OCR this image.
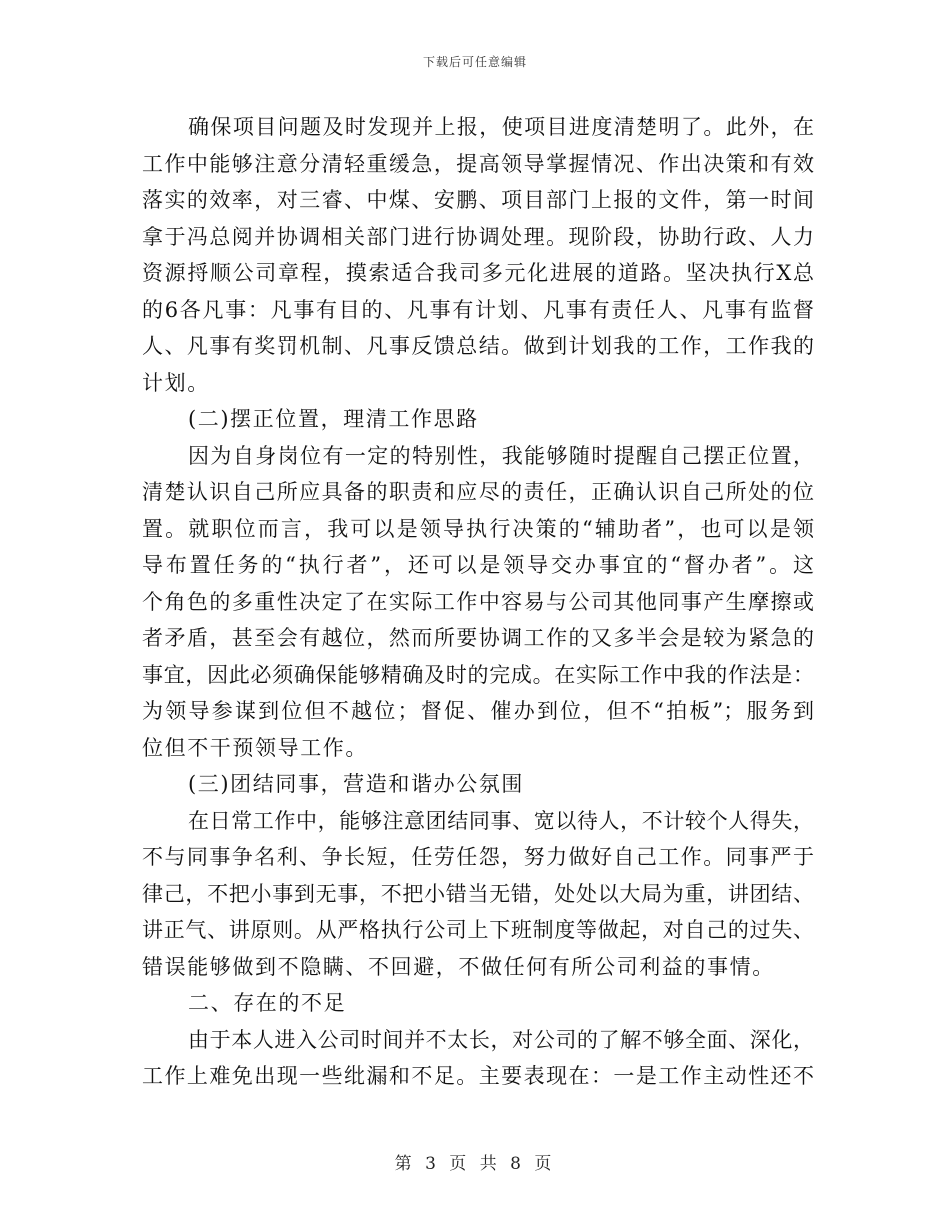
下载后可任意编辑
确保项目问题及时发现并上报，使项目进度清楚明了。此外，在
工作中能够注意分清轻重缓急，提高领导掌握情况、作出决策和有效
落实的效率，对三睿、中煤、安鹏、项目部门上报的文件，第一时间
拿于冯总阅并协调相关部门进行协调处理。现阶段，协助行政、人力
资源捋顺公司章程，摸索适合我司多元化进展的道路。坚决执行X总
的6各凡事：凡事有目的、凡事有计划、凡事有责任人、凡事有监督
人、凡事有奖罚机制、凡事反馈总结。做到计划我的工作，工作我的
计划。
(二)摆正位置，理清工作思路
因为自身岗位有一定的特别性，我能够随时提醒自己摆正位置，
清楚认识自己所应具备的职责和应尽的责任，正确认识自己所处的位
置。就职位而言，我可以是领导执行决策的“辅助者”，也可以是领
导布置任务的“执行者”，还可以是领导交办事宜的“督办者”。这
个角色的多重性决定了在实际工作中容易与公司其他同事产生摩擦或
者矛盾，甚至会有越位，然而所要协调工作的又多半会是较为紧急的
事宜，因此必须确保能够精确及时的完成。在实际工作中我的作法是：
为领导参谋到位但不越位；督促、催办到位，但不“拍板”；服务到
位但不干预领导工作。
(三)团结同事，营造和谐办公氛围
在日常工作中，能够注意团结同事、宽以待人，不计较个人得失，
不与同事争名利、争长短，任劳任怨，努力做好自己工作。同事严于
律己，不把小事到无事，不把小错当无错，处处以大局为重，讲团结、
讲正气、讲原则。从严格执行公司上下班制度等做起，对自己的过失、
错误能够做到不隐瞒、不回避，不做任何有所公司利益的事情。
二、存在的不足
由于本人进入公司时间并不太长，对公司的了解不够全面、深化，
工作上难免出现一些纰漏和不足。主要表现在：一是工作主动性还不
第 3 页 共 8 页
